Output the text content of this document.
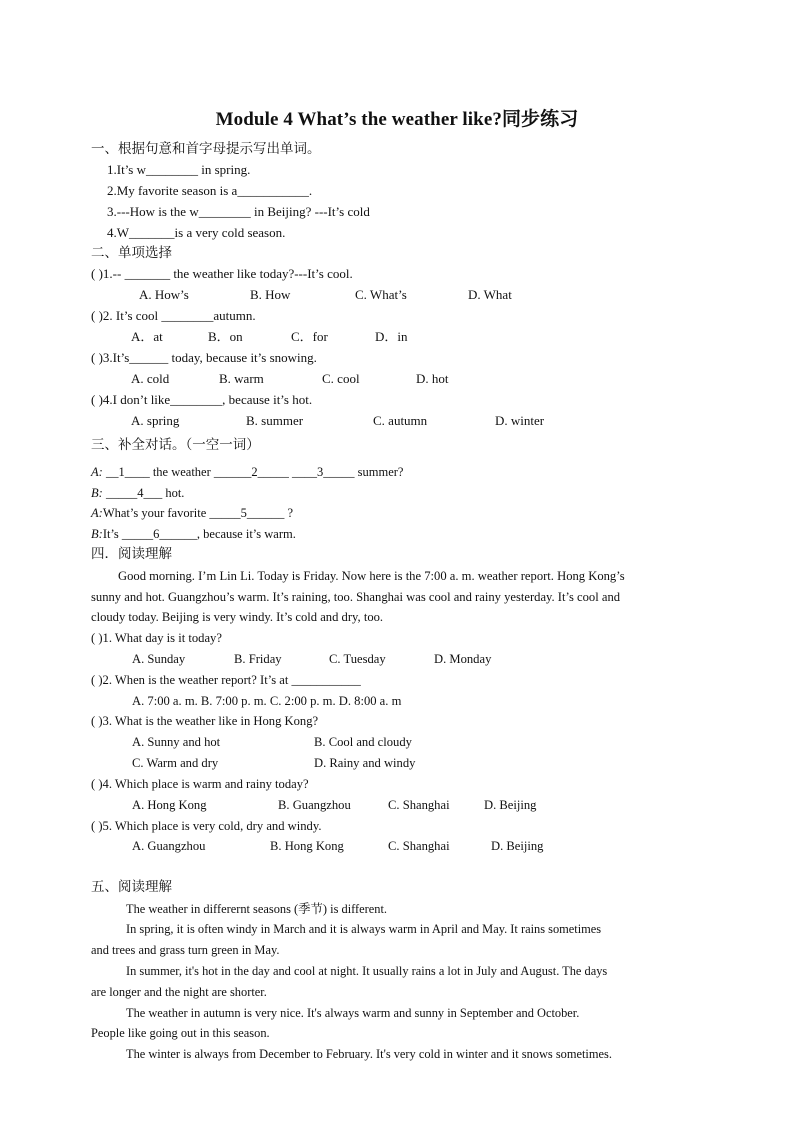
Module 4 What’s the weather like?同步练习
一、根据句意和首字母提示写出单词。
1.It’s w________ in spring.
2.My favorite season is a___________.
3.---How is the w________ in Beijing? ---It’s cold
4.W_______is a very cold season.
二、单项选择
( )1.-- _______ the weather like today?---It’s cool.
A. How’s	B. How	C. What’s	D. What
( )2. It’s cool ________autumn.
A．at	B．on	C．for	D．in
( )3.It’s______ today, because it’s snowing.
A. cold	B. warm	C. cool	D. hot
( )4.I don’t like________, because it’s hot.
A. spring	B. summer	C. autumn	D. winter
三、补全对话。（一空一词）
A: __1____ the weather ______2_____ ____3_____ summer?
B: _____4___ hot.
A:What’s your favorite _____5______ ?
B:It’s _____6______, because it’s warm.
四．阅读理解
Good morning. I’m Lin Li. Today is Friday. Now here is the 7:00 a. m. weather report. Hong Kong’s
sunny and hot. Guangzhou’s warm. It’s raining, too. Shanghai was cool and rainy yesterday. It’s cool and
cloudy today. Beijing is very windy. It’s cold and dry, too.
( )1. What day is it today?
A. Sunday	B. Friday	C. Tuesday	D. Monday
( )2. When is the weather report? It’s at ___________
A. 7:00 a. m. B. 7:00 p. m. C. 2:00 p. m. D. 8:00 a. m
( )3. What is the weather like in Hong Kong?
A. Sunny and hot	B. Cool and cloudy
C. Warm and dry	D. Rainy and windy
( )4. Which place is warm and rainy today?
A. Hong Kong	B. Guangzhou	C. Shanghai	D. Beijing
( )5. Which place is very cold, dry and windy.
A. Guangzhou	B. Hong Kong	C. Shanghai	D. Beijing
五、阅读理解
The weather in differernt seasons (季节) is different.
In spring, it is often windy in March and it is always warm in April and May. It rains sometimes
and trees and grass turn green in May.
In summer, it's hot in the day and cool at night. It usually rains a lot in July and August. The days
are longer and the night are shorter.
The weather in autumn is very nice. It's always warm and sunny in September and October.
People like going out in this season.
The winter is always from December to February. It's very cold in winter and it snows sometimes.
